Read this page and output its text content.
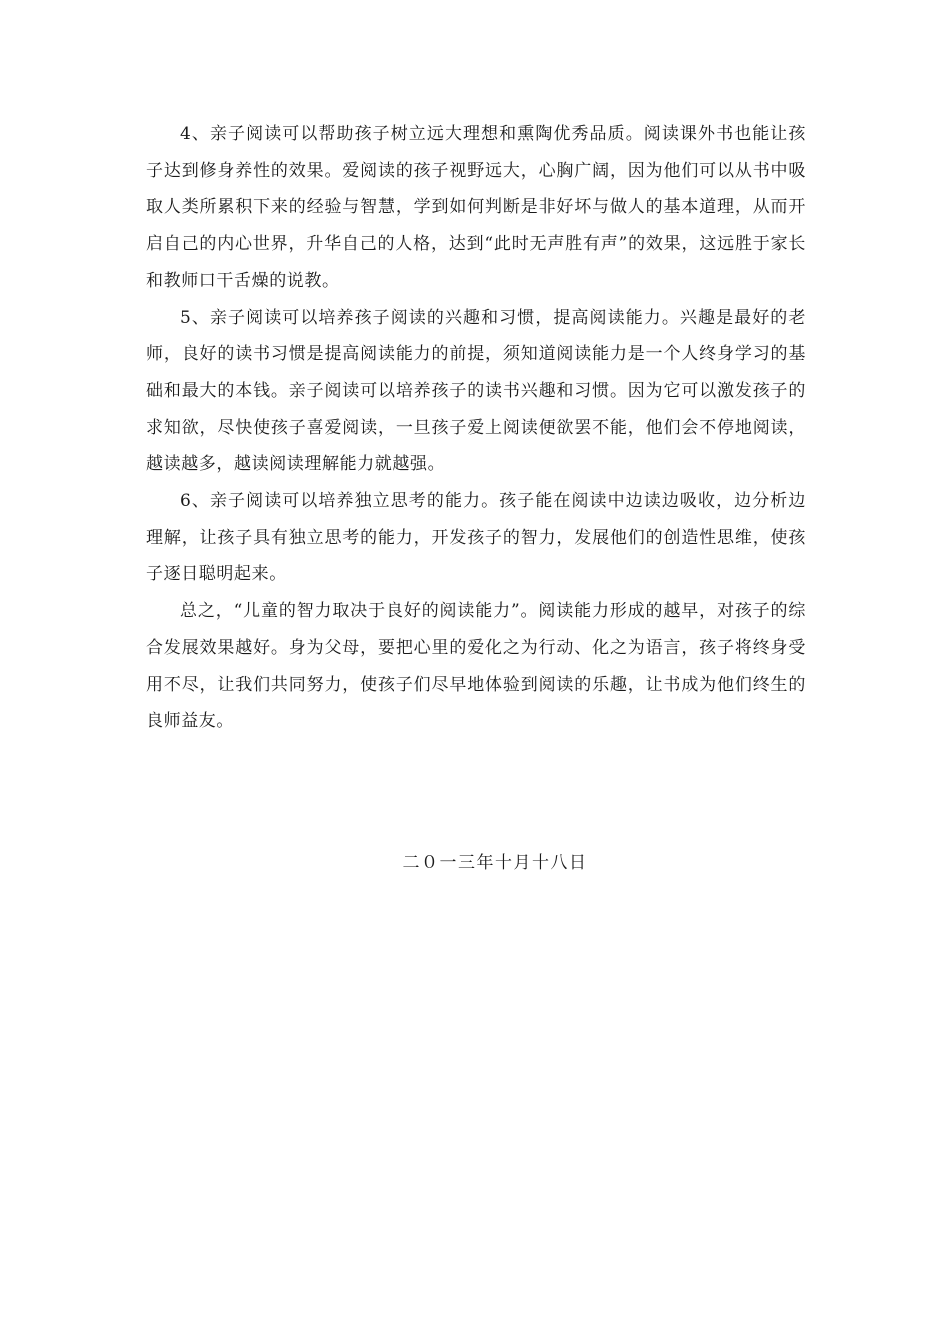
4、亲子阅读可以帮助孩子树立远大理想和熏陶优秀品质。阅读课外书也能让孩子达到修身养性的效果。爱阅读的孩子视野远大，心胸广阔，因为他们可以从书中吸取人类所累积下来的经验与智慧，学到如何判断是非好坏与做人的基本道理，从而开启自己的内心世界，升华自己的人格，达到“此时无声胜有声”的效果，这远胜于家长和教师口干舌燥的说教。

5、亲子阅读可以培养孩子阅读的兴趣和习惯，提高阅读能力。兴趣是最好的老师，良好的读书习惯是提高阅读能力的前提，须知道阅读能力是一个人终身学习的基础和最大的本钱。亲子阅读可以培养孩子的读书兴趣和习惯。因为它可以激发孩子的求知欲，尽快使孩子喜爱阅读，一旦孩子爱上阅读便欲罢不能，他们会不停地阅读，越读越多，越读阅读理解能力就越强。

6、亲子阅读可以培养独立思考的能力。孩子能在阅读中边读边吸收，边分析边理解，让孩子具有独立思考的能力，开发孩子的智力，发展他们的创造性思维，使孩子逐日聪明起来。

总之，“儿童的智力取决于良好的阅读能力”。阅读能力形成的越早，对孩子的综合发展效果越好。身为父母，要把心里的爱化之为行动、化之为语言，孩子将终身受用不尽，让我们共同努力，使孩子们尽早地体验到阅读的乐趣，让书成为他们终生的良师益友。

二０一三年十月十八日
